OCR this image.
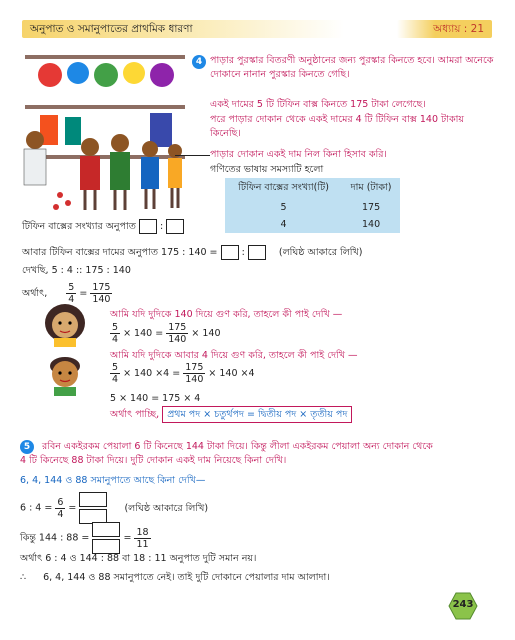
অনুপাত ও সমানুপাতের প্রাথমিক ধারণা	অধ্যায় : 21
4 পাড়ার পুরস্কার বিতরণী অনুষ্ঠানের জন্য পুরস্কার কিনতে হবে। আমরা অনেকে
দোকানে নানান পুরস্কার কিনতে গেছি।
একই দামের 5 টি টিফিন বাক্স কিনতে 175 টাকা লেগেছে।
পরে পাড়ার দোকান থেকে একই দামের 4 টি টিফিন বাক্স 140 টাকায়
কিনেছি।
পাড়ার দোকান একই দাম নিল কিনা হিসাব করি।
গণিতের ভাষায় সমস্যাটি হলো
টিফিন বাক্সের সংখ্যা(টি)	দাম (টাকা)
5	175
4	140
টিফিন বাক্সের সংখ্যার অনুপাত	:
আবার টিফিন বাক্সের দামের অনুপাত 175 : 140 =	:	(লঘিষ্ঠ আকারে লিখি)
দেখছি, 5 : 4 :: 175 : 140
অর্থাৎ, $\frac{5}{4} = \frac{175}{140}$
আমি যদি দুদিকে 140 দিয়ে গুণ করি, তাহলে কী পাই দেখি —
$\frac{5}{4} \times 140 = \frac{175}{140} \times 140$
আমি যদি দুদিকে আবার 4 দিয়ে গুণ করি, তাহলে কী পাই দেখি —
$\frac{5}{4} \times 140 \times 4 = \frac{175}{140} \times 140 \times 4$
5 × 140 = 175 × 4
অর্থাৎ পাচ্ছি, প্রথম পদ × চতুর্থপদ = দ্বিতীয় পদ × তৃতীয় পদ
5	রবিন একইরকম পেয়ালা 6 টি কিনেছে 144 টাকা দিয়ে। কিন্তু লীলা একইরকম পেয়ালা অন্য দোকান থেকে
4 টি কিনেছে 88 টাকা দিয়ে। দুটি দোকান একই দাম নিয়েছে কিনা দেখি।
6, 4, 144 ও 88 সমানুপাতে আছে কিনা দেখি—
6 : $4 = \frac{6}{4}$ =	(লঘিষ্ঠ আকারে লিখি)
কিন্তু 144 : 88 =	= $\frac{18}{11}$
অর্থাৎ 6 : 4 ও 144 : 88 বা 18 : 11 অনুপাত দুটি সমান নয়।
∴ 6, 4, 144 ও 88 সমানুপাতে নেই। তাই দুটি দোকানে পেয়ালার দাম আলাদা।
243
